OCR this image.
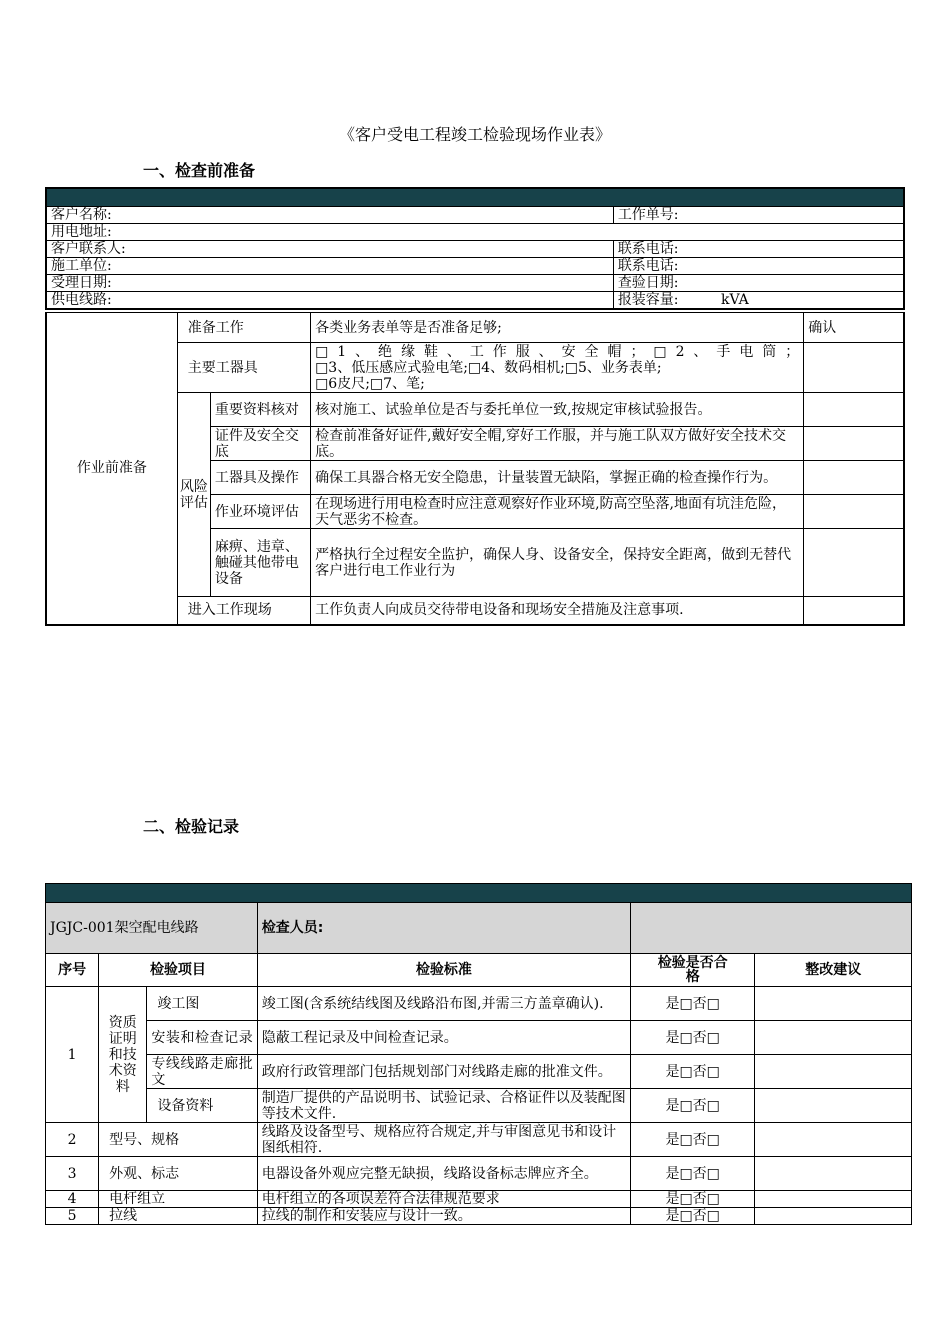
《客户受电工程竣工检验现场作业表》
一、检查前准备

客户名称:	工作单号:
用电地址:	
客户联系人:	联系电话:
施工单位:	联系电话:
受理日期:	查验日期:
供电线路:	报装容量: kVA
作业前准备	准备工作		各类业务表单等是否准备足够;	确认
	主要工器具		□1、绝缘鞋、工作服、安全帽；□2、手电筒；
□3、低压感应式验电笔;□4、数码相机;□5、业务表单;
□6皮尺;□7、笔;	

	风险评估	重要资料核对	核对施工、试验单位是否与委托单位一致,按规定审核试验报告。	
		证件及安全交底	检查前准备好证件,戴好安全帽,穿好工作服，并与施工队双方做好安全技术交底。	
		工器具及操作	确保工具器合格无安全隐患，计量装置无缺陷，掌握正确的检查操作行为。	
		作业环境评估	在现场进行用电检查时应注意观察好作业环境,防高空坠落,地面有坑洼危险，天气恶劣不检查。	
		麻痹、违章、触碰其他带电设备	严格执行全过程安全监护，确保人身、设备安全，保持安全距离，做到无替代客户进行电工作业行为	
	进入工作现场		工作负责人向成员交待带电设备和现场安全措施及注意事项.	
二、检验记录

JGJC-001架空配电线路			检查人员:		
序号	检验项目		检验标准	检验是否合格	整改建议
1	资质证明和技术资料	竣工图	竣工图(含系统结线图及线路沿布图,并需三方盖章确认).	是□否□	
		安装和检查记录	隐蔽工程记录及中间检查记录。	是□否□	
		专线线路走廊批文	政府行政管理部门包括规划部门对线路走廊的批准文件。	是□否□	
		设备资料	制造厂提供的产品说明书、试验记录、合格证件以及装配图等技术文件.	是□否□	
2	型号、规格		线路及设备型号、规格应符合规定,并与审图意见书和设计图纸相符.	是□否□	
3	外观、标志		电器设备外观应完整无缺损，线路设备标志牌应齐全。	是□否□	
4	电杆组立		电杆组立的各项误差符合法律规范要求	是□否□	
5	拉线		拉线的制作和安装应与设计一致。	是□否□	
